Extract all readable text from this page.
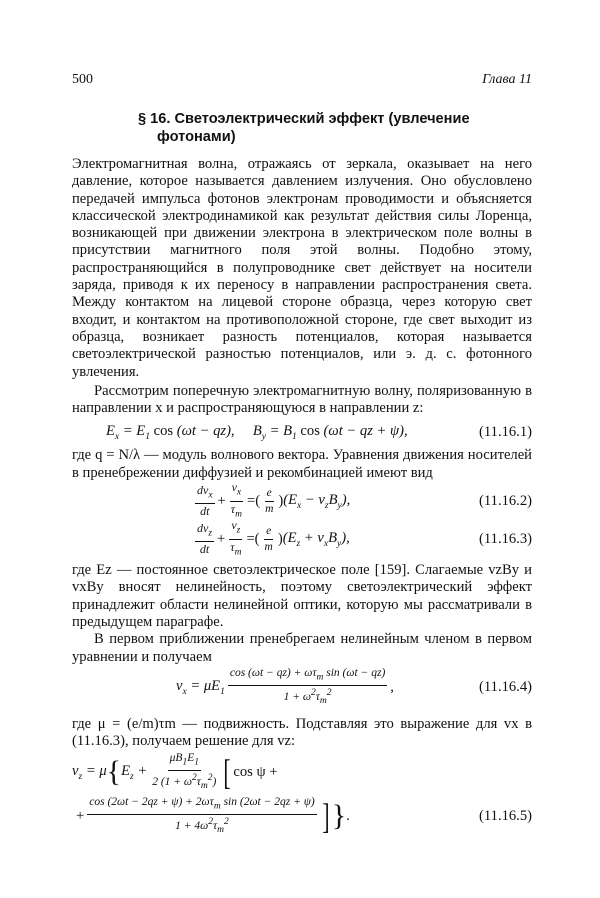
500	Глава 11
§ 16. Светоэлектрический эффект (увлечение
фотонами)

Электромагнитная волна, отражаясь от зеркала, оказывает на него давление, которое называется давлением излучения. Оно обусловлено передачей импульса фотонов электронам проводимости и объясняется классической электродинамикой как результат действия силы Лоренца, возникающей при движении электрона в электрическом поле волны в присутствии магнитного поля этой волны. Подобно этому, распространяющийся в полупроводнике свет действует на носители заряда, приводя к их переносу в направлении распространения света. Между контактом на лицевой стороне образца, через которую свет входит, и контактом на противоположной стороне, где свет выходит из образца, возникает разность потенциалов, которая называется светоэлектрической разностью потенциалов, или э. д. с. фотонного увлечения.

Рассмотрим поперечную электромагнитную волну, поляризованную в направлении x и распространяющуюся в направлении z:

$E_x = E_1$ cos (ωt − qz),     $B_y = B_1$ cos (ωt − qz + ψ),	(11.16.1)

где q = N/λ — модуль волнового вектора. Уравнения движения носителей в пренебрежении диффузией и рекомбинацией имеют вид

$\frac{dv_x}{dt} + \frac{v_x}{\tau_m}$ = ( $\frac{e}{m}$ ) $(E_x - v_zB_y)$,	(11.16.2)
$\frac{dv_z}{dt} + \frac{v_z}{\tau_m}$ = ( $\frac{e}{m}$ ) $(E_z + v_xB_y)$,	(11.16.3)

где Ez — постоянное светоэлектрическое поле [159]. Слагаемые vzBy и vxBy вносят нелинейность, поэтому светоэлектрический эффект принадлежит области нелинейной оптики, которую мы рассматривали в предыдущем параграфе.

В первом приближении пренебрегаем нелинейным членом в первом уравнении и получаем

$v_x = \mu E_1 \frac{\cos (\omega t - qz) + \omega\tau_m \sin (\omega t - qz)}{1 + \omega^2\tau_m^2}$ ,	(11.16.4)

где μ = (e/m)τm — подвижность. Подставляя это выражение для vx в (11.16.3), получаем решение для vz:

$v_z = \mu$ { $E_z + \frac{\mu B_1E_1}{2 (1 + \omega^2\tau_m^2)}$ [ cos ψ +
+ $\frac{\cos (2\omega t - 2qz + \psi) + 2\omega\tau_m \sin (2\omega t - 2qz + \psi)}{1 + 4\omega^2\tau_m^2}$ ] } .	(11.16.5)
